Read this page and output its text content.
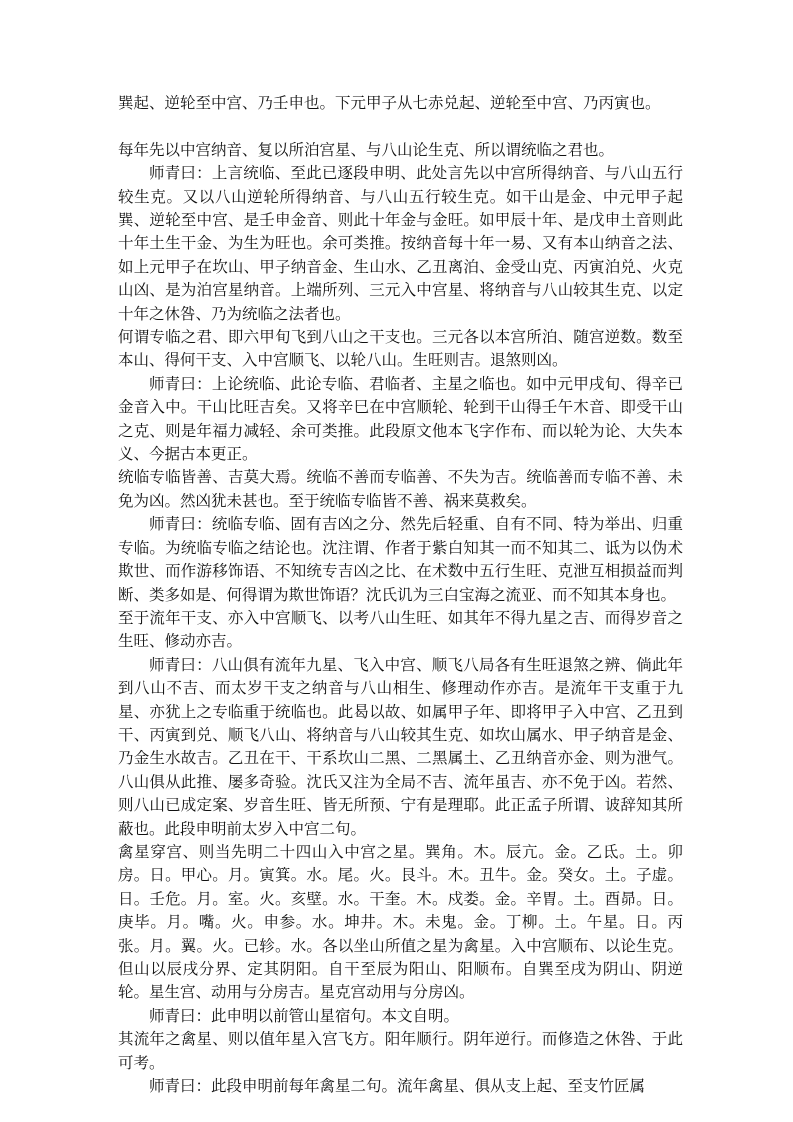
巽起、逆轮至中宫、乃壬申也。下元甲子从七赤兑起、逆轮至中宫、乃丙寅也。

每年先以中宫纳音、复以所泊宫星、与八山论生克、所以谓统临之君也。

师青曰：上言统临、至此已逐段申明、此处言先以中宫所得纳音、与八山五行较生克。又以八山逆轮所得纳音、与八山五行较生克。如干山是金、中元甲子起巽、逆轮至中宫、是壬申金音、则此十年金与金旺。如甲辰十年、是戊申土音则此十年土生干金、为生为旺也。余可类推。按纳音每十年一易、又有本山纳音之法、如上元甲子在坎山、甲子纳音金、生山水、乙丑离泊、金受山克、丙寅泊兑、火克山凶、是为泊宫星纳音。上端所列、三元入中宫星、将纳音与八山较其生克、以定十年之休咎、乃为统临之法者也。

何谓专临之君、即六甲旬飞到八山之干支也。三元各以本宫所泊、随宫逆数。数至本山、得何干支、入中宫顺飞、以轮八山。生旺则吉。退煞则凶。

师青曰：上论统临、此论专临、君临者、主星之临也。如中元甲戌旬、得辛已金音入中。干山比旺吉矣。又将辛巳在中宫顺轮、轮到干山得壬午木音、即受干山之克、则是年福力减轻、余可类推。此段原文他本飞字作布、而以轮为论、大失本义、今据古本更正。

统临专临皆善、吉莫大焉。统临不善而专临善、不失为吉。统临善而专临不善、未免为凶。然凶犹未甚也。至于统临专临皆不善、祸来莫救矣。

师青曰：统临专临、固有吉凶之分、然先后轻重、自有不同、特为举出、归重专临。为统临专临之结论也。沈注谓、作者于紫白知其一而不知其二、诋为以伪术欺世、而作游移饰语、不知统专吉凶之比、在术数中五行生旺、克泄互相损益而判断、类多如是、何得谓为欺世饰语？沈氏讥为三白宝海之流亚、而不知其本身也。

至于流年干支、亦入中宫顺飞、以考八山生旺、如其年不得九星之吉、而得岁音之生旺、修动亦吉。

师青曰：八山俱有流年九星、飞入中宫、顺飞八局各有生旺退煞之辨、倘此年到八山不吉、而太岁干支之纳音与八山相生、修理动作亦吉。是流年干支重于九星、亦犹上之专临重于统临也。此曷以故、如属甲子年、即将甲子入中宫、乙丑到干、丙寅到兑、顺飞八山、将纳音与八山较其生克、如坎山属水、甲子纳音是金、乃金生水故吉。乙丑在干、干系坎山二黑、二黑属土、乙丑纳音亦金、则为泄气。八山俱从此推、屡多奇验。沈氏又注为全局不吉、流年虽吉、亦不免于凶。若然、则八山已成定案、岁音生旺、皆无所预、宁有是理耶。此正孟子所谓、诐辞知其所蔽也。此段申明前太岁入中宫二句。

禽星穿宫、则当先明二十四山入中宫之星。巽角。木。辰亢。金。乙氐。土。卯房。日。甲心。月。寅箕。水。尾。火。艮斗。木。丑牛。金。癸女。土。子虚。日。壬危。月。室。火。亥壁。水。干奎。木。戍娄。金。辛胃。土。酉昴。日。庚毕。月。嘴。火。申参。水。坤井。木。未鬼。金。丁柳。土。午星。日。丙张。月。翼。火。已轸。水。各以坐山所值之星为禽星。入中宫顺布、以论生克。但山以辰戌分界、定其阴阳。自干至辰为阳山、阳顺布。自巽至戌为阴山、阴逆轮。星生宫、动用与分房吉。星克宫动用与分房凶。

师青曰：此申明以前管山星宿句。本文自明。

其流年之禽星、则以值年星入宫飞方。阳年顺行。阴年逆行。而修造之休咎、于此可考。

师青曰：此段申明前每年禽星二句。流年禽星、俱从支上起、至支竹匠属
